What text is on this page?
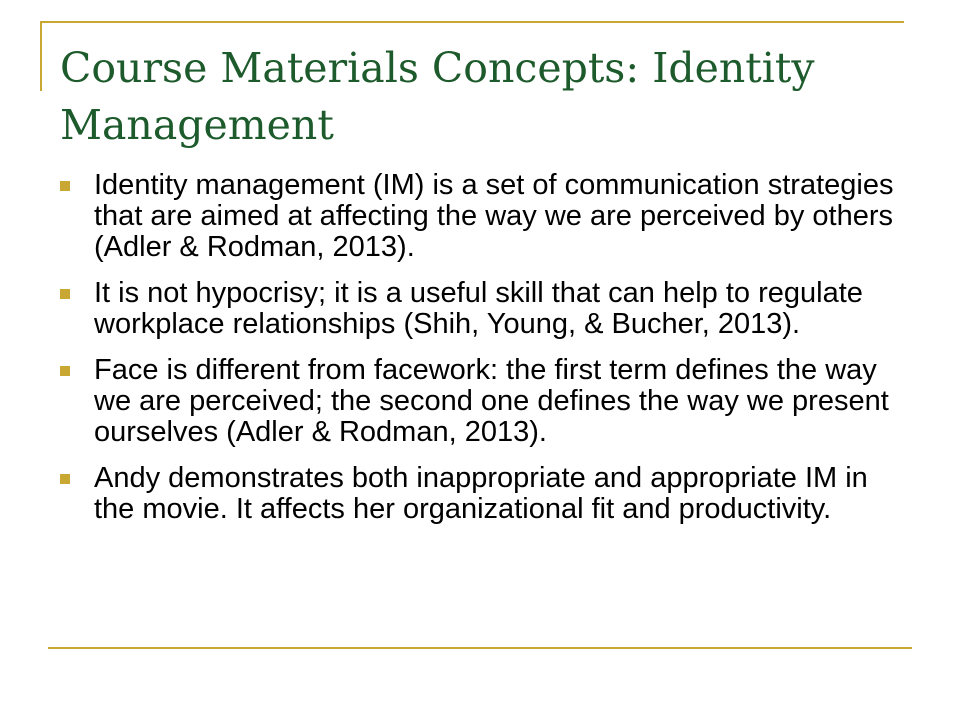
Course Materials Concepts: Identity Management
Identity management (IM) is a set of communication strategies that are aimed at affecting the way we are perceived by others (Adler & Rodman, 2013).
It is not hypocrisy; it is a useful skill that can help to regulate workplace relationships (Shih, Young, & Bucher, 2013).
Face is different from facework: the first term defines the way we are perceived; the second one defines the way we present ourselves (Adler & Rodman, 2013).
Andy demonstrates both inappropriate and appropriate IM in the movie. It affects her organizational fit and productivity.
